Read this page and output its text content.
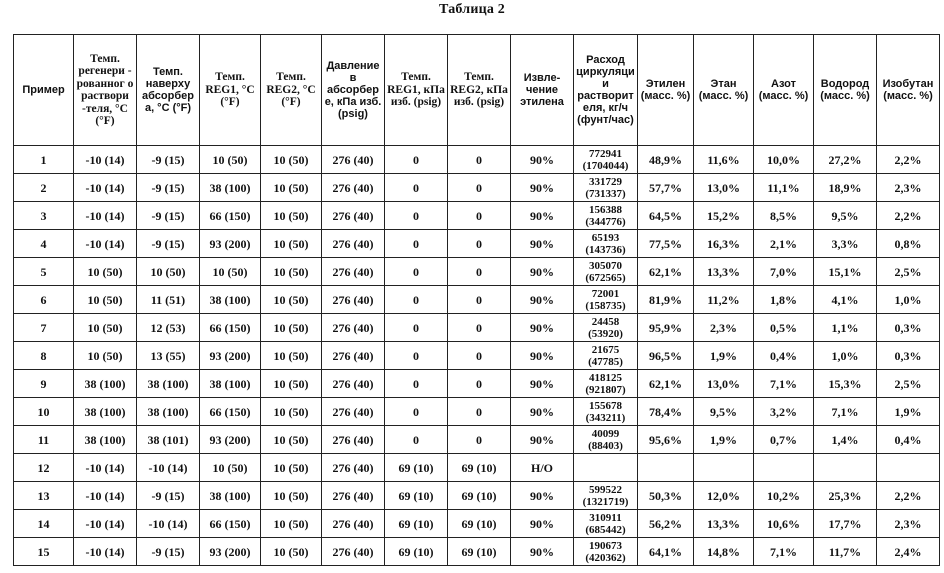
Таблица 2
Пример	Темп. регенери - рованног о раствори -теля, °C (°F)	Темп. наверху абсорбер а, °C (°F)	Темп. REG1, °C (°F)	Темп. REG2, °C (°F)	Давление в абсорбер е, кПа изб. (psig)	Темп. REG1, кПа изб. (psig)	Темп. REG2, кПа изб. (psig)	Извле- чение этилена	Расход циркуляци и растворит еля, кг/ч (фунт/час)	Этилен (масс. %)	Этан (масс. %)	Азот (масс. %)	Водород (масс. %)	Изобутан (масс. %)
1	-10 (14)	-9 (15)	10 (50)	10 (50)	276 (40)	0	0	90%	772941
(1704044)	48,9%	11,6%	10,0%	27,2%	2,2%
2	-10 (14)	-9 (15)	38 (100)	10 (50)	276 (40)	0	0	90%	331729
(731337)	57,7%	13,0%	11,1%	18,9%	2,3%
3	-10 (14)	-9 (15)	66 (150)	10 (50)	276 (40)	0	0	90%	156388
(344776)	64,5%	15,2%	8,5%	9,5%	2,2%
4	-10 (14)	-9 (15)	93 (200)	10 (50)	276 (40)	0	0	90%	65193
(143736)	77,5%	16,3%	2,1%	3,3%	0,8%
5	10 (50)	10 (50)	10 (50)	10 (50)	276 (40)	0	0	90%	305070
(672565)	62,1%	13,3%	7,0%	15,1%	2,5%
6	10 (50)	11 (51)	38 (100)	10 (50)	276 (40)	0	0	90%	72001
(158735)	81,9%	11,2%	1,8%	4,1%	1,0%
7	10 (50)	12 (53)	66 (150)	10 (50)	276 (40)	0	0	90%	24458
(53920)	95,9%	2,3%	0,5%	1,1%	0,3%
8	10 (50)	13 (55)	93 (200)	10 (50)	276 (40)	0	0	90%	21675
(47785)	96,5%	1,9%	0,4%	1,0%	0,3%
9	38 (100)	38 (100)	38 (100)	10 (50)	276 (40)	0	0	90%	418125
(921807)	62,1%	13,0%	7,1%	15,3%	2,5%
10	38 (100)	38 (100)	66 (150)	10 (50)	276 (40)	0	0	90%	155678
(343211)	78,4%	9,5%	3,2%	7,1%	1,9%
11	38 (100)	38 (101)	93 (200)	10 (50)	276 (40)	0	0	90%	40099
(88403)	95,6%	1,9%	0,7%	1,4%	0,4%
12	-10 (14)	-10 (14)	10 (50)	10 (50)	276 (40)	69 (10)	69 (10)	Н/О	

13	-10 (14)	-9 (15)	38 (100)	10 (50)	276 (40)	69 (10)	69 (10)	90%	599522
(1321719)	50,3%	12,0%	10,2%	25,3%	2,2%
14	-10 (14)	-10 (14)	66 (150)	10 (50)	276 (40)	69 (10)	69 (10)	90%	310911
(685442)	56,2%	13,3%	10,6%	17,7%	2,3%
15	-10 (14)	-9 (15)	93 (200)	10 (50)	276 (40)	69 (10)	69 (10)	90%	190673
(420362)	64,1%	14,8%	7,1%	11,7%	2,4%
